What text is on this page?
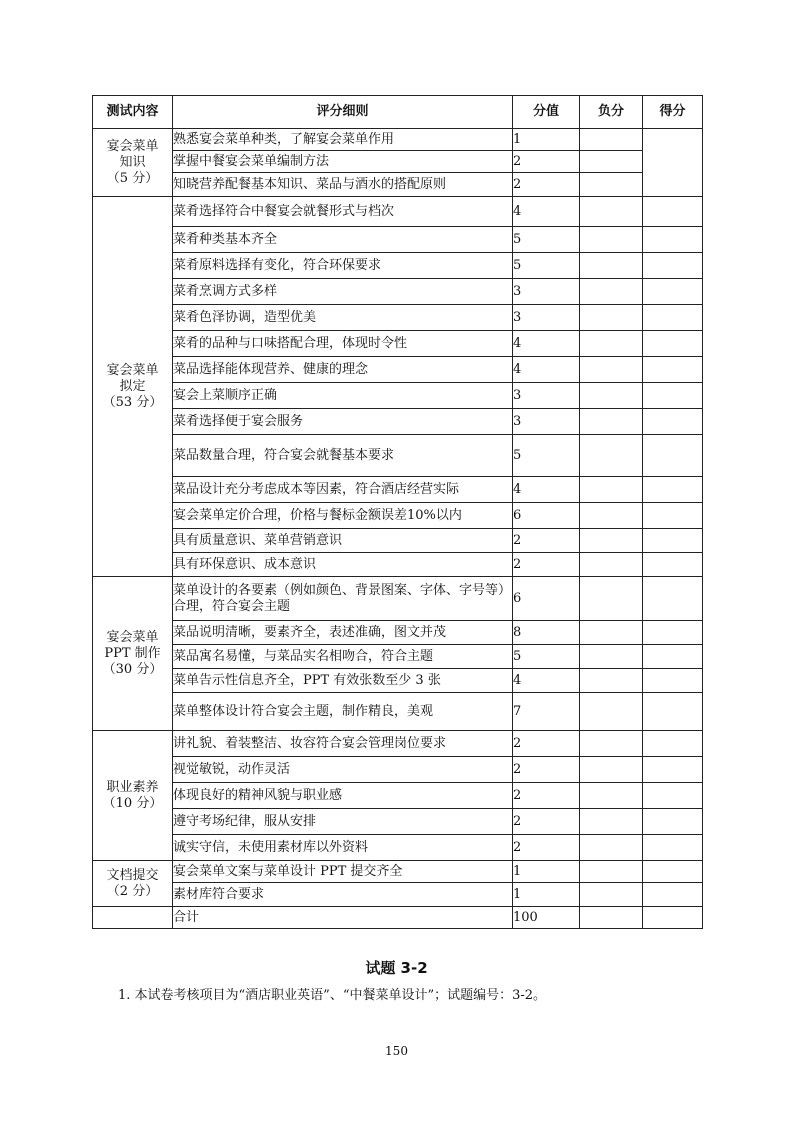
测试内容	评分细则	分值	负分	得分

宴会菜单
知识
（5 分）	熟悉宴会菜单种类，了解宴会菜单作用	1		
	掌握中餐宴会菜单编制方法	2		
	知晓营养配餐基本知识、菜品与酒水的搭配原则	2		

宴会菜单
拟定
（53 分）	菜肴选择符合中餐宴会就餐形式与档次	4		
	菜肴种类基本齐全	5		
	菜肴原料选择有变化，符合环保要求	5		
	菜肴烹调方式多样	3		
	菜肴色泽协调，造型优美	3		
	菜肴的品种与口味搭配合理，体现时令性	4		
	菜品选择能体现营养、健康的理念	4		
	宴会上菜顺序正确	3		
	菜肴选择便于宴会服务	3		
	菜品数量合理，符合宴会就餐基本要求	5		
	菜品设计充分考虑成本等因素，符合酒店经营实际	4		
	宴会菜单定价合理，价格与餐标金额误差10%以内	6		
	具有质量意识、菜单营销意识	2		
	具有环保意识、成本意识	2		

宴会菜单
PPT 制作
（30 分）	菜单设计的各要素（例如颜色、背景图案、字体、字号等）合理，符合宴会主题	6		
	菜品说明清晰，要素齐全，表述准确，图文并茂	8		
	菜品寓名易懂，与菜品实名相吻合，符合主题	5		
	菜单告示性信息齐全，PPT 有效张数至少 3 张	4		
	菜单整体设计符合宴会主题，制作精良，美观	7		

职业素养
（10 分）	讲礼貌、着装整洁、妆容符合宴会管理岗位要求	2		
	视觉敏锐，动作灵活	2		
	体现良好的精神风貌与职业感	2		
	遵守考场纪律，服从安排	2		
	诚实守信，未使用素材库以外资料	2		

文档提交
（2 分）	宴会菜单文案与菜单设计 PPT 提交齐全	1		
	素材库符合要求	1		
	合计	100		
试题 3-2
1. 本试卷考核项目为“酒店职业英语”、“中餐菜单设计”；试题编号：3-2。
150
